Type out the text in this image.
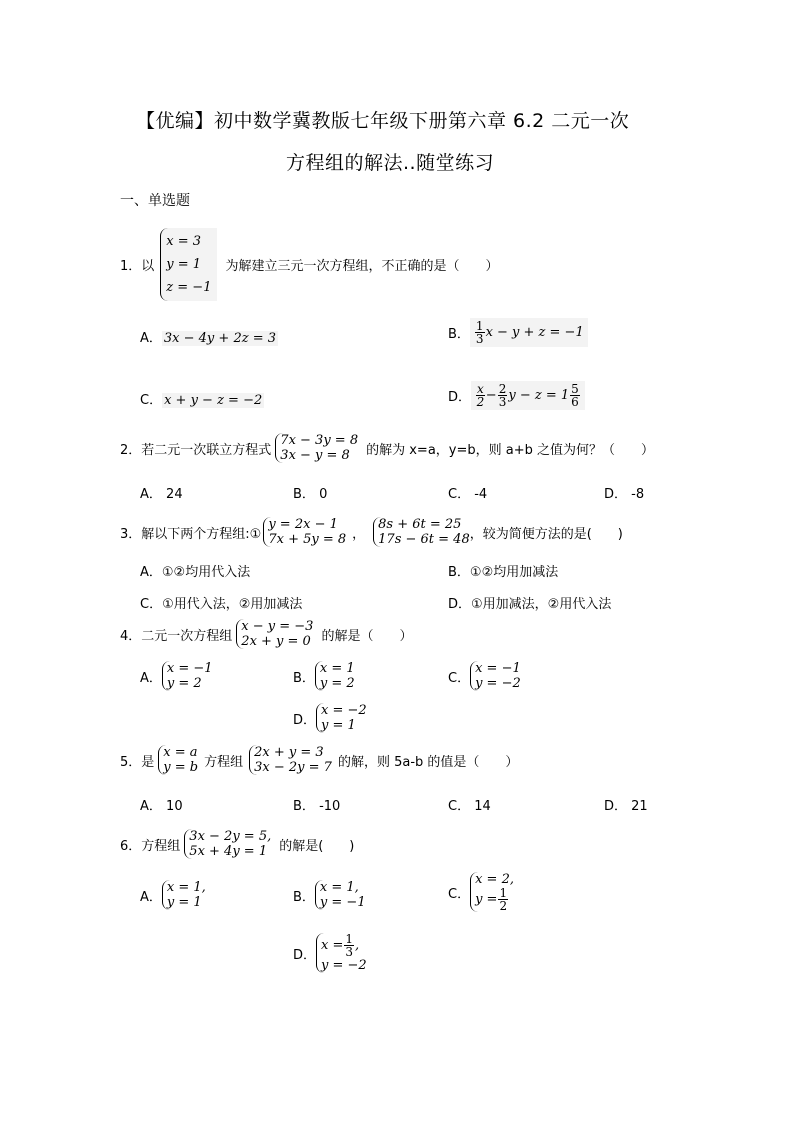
【优编】初中数学冀教版七年级下册第六章 6.2 二元一次
方程组的解法..随堂练习
一、单选题
1． 以
x = 3
y = 1
z = −1
为解建立三元一次方程组，不正确的是（　　）
A． 3x − 4y + 2z = 3	B． $\frac{1}{3}$ x − y + z = −1
C． x + y − z = −2	D． $\frac{x}{2} - \frac{2}{3}$ $y - z = 1 \frac{5}{6}$
2． 若二元一次联立方程式
7x − 3y = 8
3x − y = 8	的解为 x=a，y=b，则 a+b 之值为何？（　　）
A． 24	B． 0	C． -4	D． -8
3． 解以下两个方程组:①
y = 2x − 1
7x + 5y = 8 ，
8s + 6t = 25
17s − 6t = 48 ，较为简便方法的是(　　)
A．①②均用代入法	B．①②均用加减法
C．①用代入法，②用加减法	D．①用加减法，②用代入法
4． 二元一次方程组
x − y = −3
2x + y = 0 的解是（　　）
A．
x = −1
y = 2	B．
x = 1
y = 2	C．
x = −1
y = −2
D．
x = −2
y = 1
5． 是
x = a
y = b 方程组
2x + y = 3
3x − 2y = 7 的解，则 5a-b 的值是（　　）
A． 10	B． -10	C． 14	D． 21
6． 方程组
3x − 2y = 5,
5x + 4y = 1 的解是(　　)
A．
x = 1,
y = 1	B．
x = 1,
y = −1
C．
x = 2,
$y = \frac{1}{2}$
D．
$x = \frac{1}{3}$ ,
y = −2
